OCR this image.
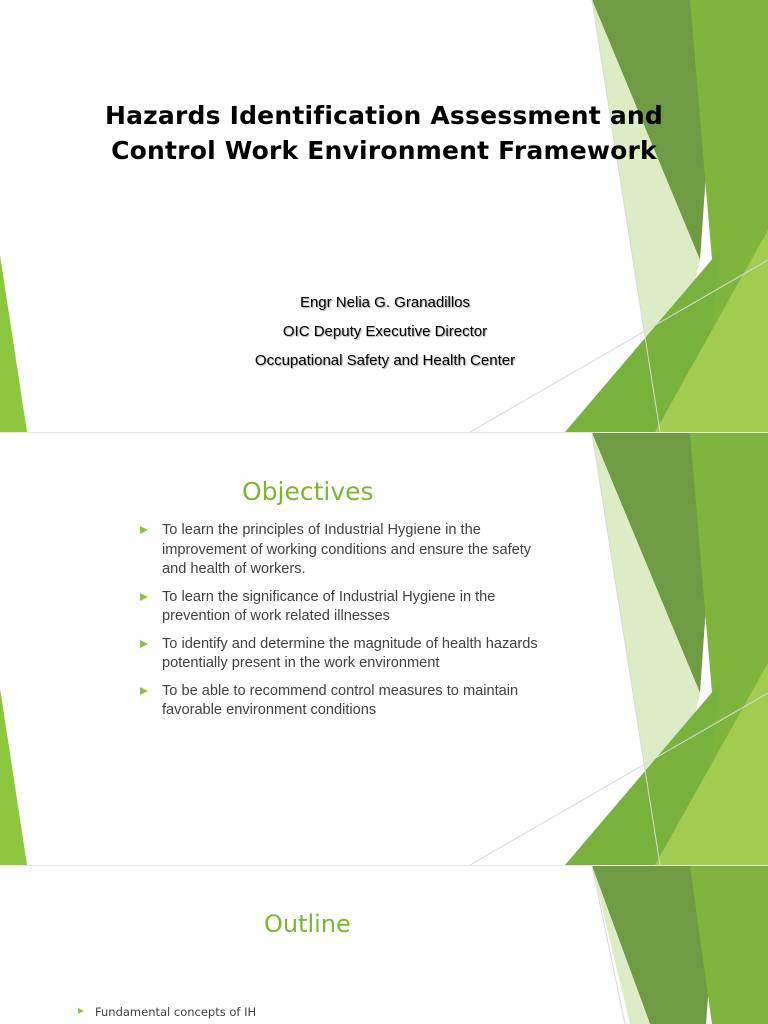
Hazards Identification Assessment and Control Work Environment Framework
Engr Nelia G. Granadillos
OIC Deputy Executive Director
Occupational Safety and Health Center
Objectives
To learn the principles of Industrial Hygiene in the improvement of working conditions and ensure the safety and health of workers.
To learn the significance of Industrial Hygiene in the prevention of work related illnesses
To identify and determine the magnitude of health hazards potentially present in the work environment
To be able to recommend control measures to maintain favorable environment conditions
Outline
Fundamental concepts of IH
